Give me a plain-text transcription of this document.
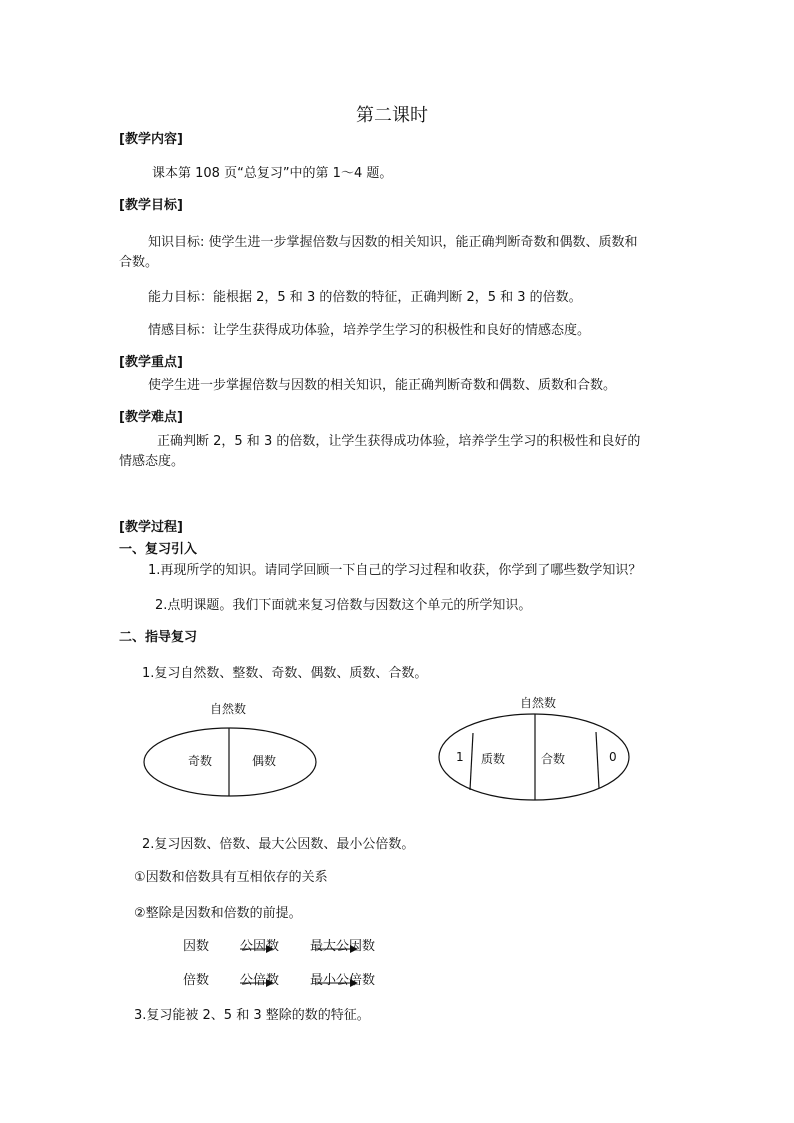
第二课时
[教学内容]
课本第 108 页“总复习”中的第 1～4 题。
[教学目标]
知识目标: 使学生进一步掌握倍数与因数的相关知识，能正确判断奇数和偶数、质数和
合数。
能力目标：能根据 2，5 和 3 的倍数的特征，正确判断 2，5 和 3 的倍数。
情感目标：让学生获得成功体验，培养学生学习的积极性和良好的情感态度。
[教学重点]
使学生进一步掌握倍数与因数的相关知识，能正确判断奇数和偶数、质数和合数。
[教学难点]
正确判断 2，5 和 3 的倍数，让学生获得成功体验，培养学生学习的积极性和良好的
情感态度。
[教学过程]
一、复习引入
1.再现所学的知识。请同学回顾一下自己的学习过程和收获，你学到了哪些数学知识？
2.点明课题。我们下面就来复习倍数与因数这个单元的所学知识。
二、指导复习
1.复习自然数、整数、奇数、偶数、质数、合数。
自然数
奇数	偶数
自然数
1 质数	合数	0
2.复习因数、倍数、最大公因数、最小公倍数。
①因数和倍数具有互相依存的关系
②整除是因数和倍数的前提。
因数 公因数 最大公因数
倍数 公倍数 最小公倍数
3.复习能被 2、5 和 3 整除的数的特征。
